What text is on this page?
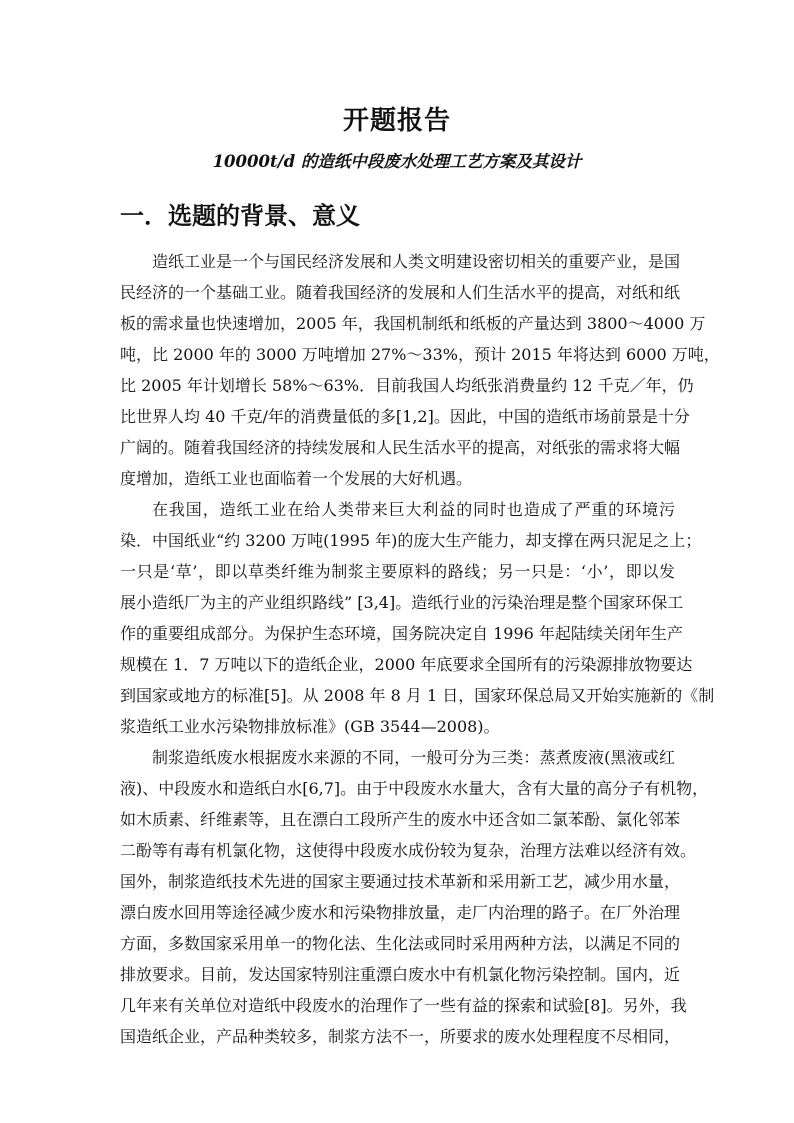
开题报告
10000t/d 的造纸中段废水处理工艺方案及其设计
一．选题的背景、意义
造纸工业是一个与国民经济发展和人类文明建设密切相关的重要产业，是国
民经济的一个基础工业。随着我国经济的发展和人们生活水平的提高，对纸和纸
板的需求量也快速增加，2005 年，我国机制纸和纸板的产量达到 3800～4000 万
吨，比 2000 年的 3000 万吨增加 27%～33%，预计 2015 年将达到 6000 万吨，
比 2005 年计划增长 58%～63%．目前我国人均纸张消费量约 12 千克／年，仍
比世界人均 40 千克/年的消费量低的多[1,2]。因此，中国的造纸市场前景是十分
广阔的。随着我国经济的持续发展和人民生活水平的提高，对纸张的需求将大幅
度增加，造纸工业也面临着一个发展的大好机遇。
在我国，造纸工业在给人类带来巨大利益的同时也造成了严重的环境污
染．中国纸业“约 3200 万吨(1995 年)的庞大生产能力，却支撑在两只泥足之上；
一只是‘草’，即以草类纤维为制浆主要原料的路线；另一只是：‘小’，即以发
展小造纸厂为主的产业组织路线” [3,4]。造纸行业的污染治理是整个国家环保工
作的重要组成部分。为保护生态环境，国务院决定自 1996 年起陆续关闭年生产
规模在 1．7 万吨以下的造纸企业，2000 年底要求全国所有的污染源排放物要达
到国家或地方的标准[5]。从 2008 年 8 月 1 日，国家环保总局又开始实施新的《制
浆造纸工业水污染物排放标准》(GB 3544—2008)。
制浆造纸废水根据废水来源的不同，一般可分为三类：蒸煮废液(黑液或红
液)、中段废水和造纸白水[6,7]。由于中段废水水量大，含有大量的高分子有机物，
如木质素、纤维素等，且在漂白工段所产生的废水中还含如二氯苯酚、氯化邻苯
二酚等有毒有机氯化物，这使得中段废水成份较为复杂，治理方法难以经济有效。
国外，制浆造纸技术先进的国家主要通过技术革新和采用新工艺，减少用水量，
漂白废水回用等途径减少废水和污染物排放量，走厂内治理的路子。在厂外治理
方面，多数国家采用单一的物化法、生化法或同时采用两种方法，以满足不同的
排放要求。目前，发达国家特别注重漂白废水中有机氯化物污染控制。国内，近
几年来有关单位对造纸中段废水的治理作了一些有益的探索和试验[8]。另外，我
国造纸企业，产品种类较多，制浆方法不一，所要求的废水处理程度不尽相同，
